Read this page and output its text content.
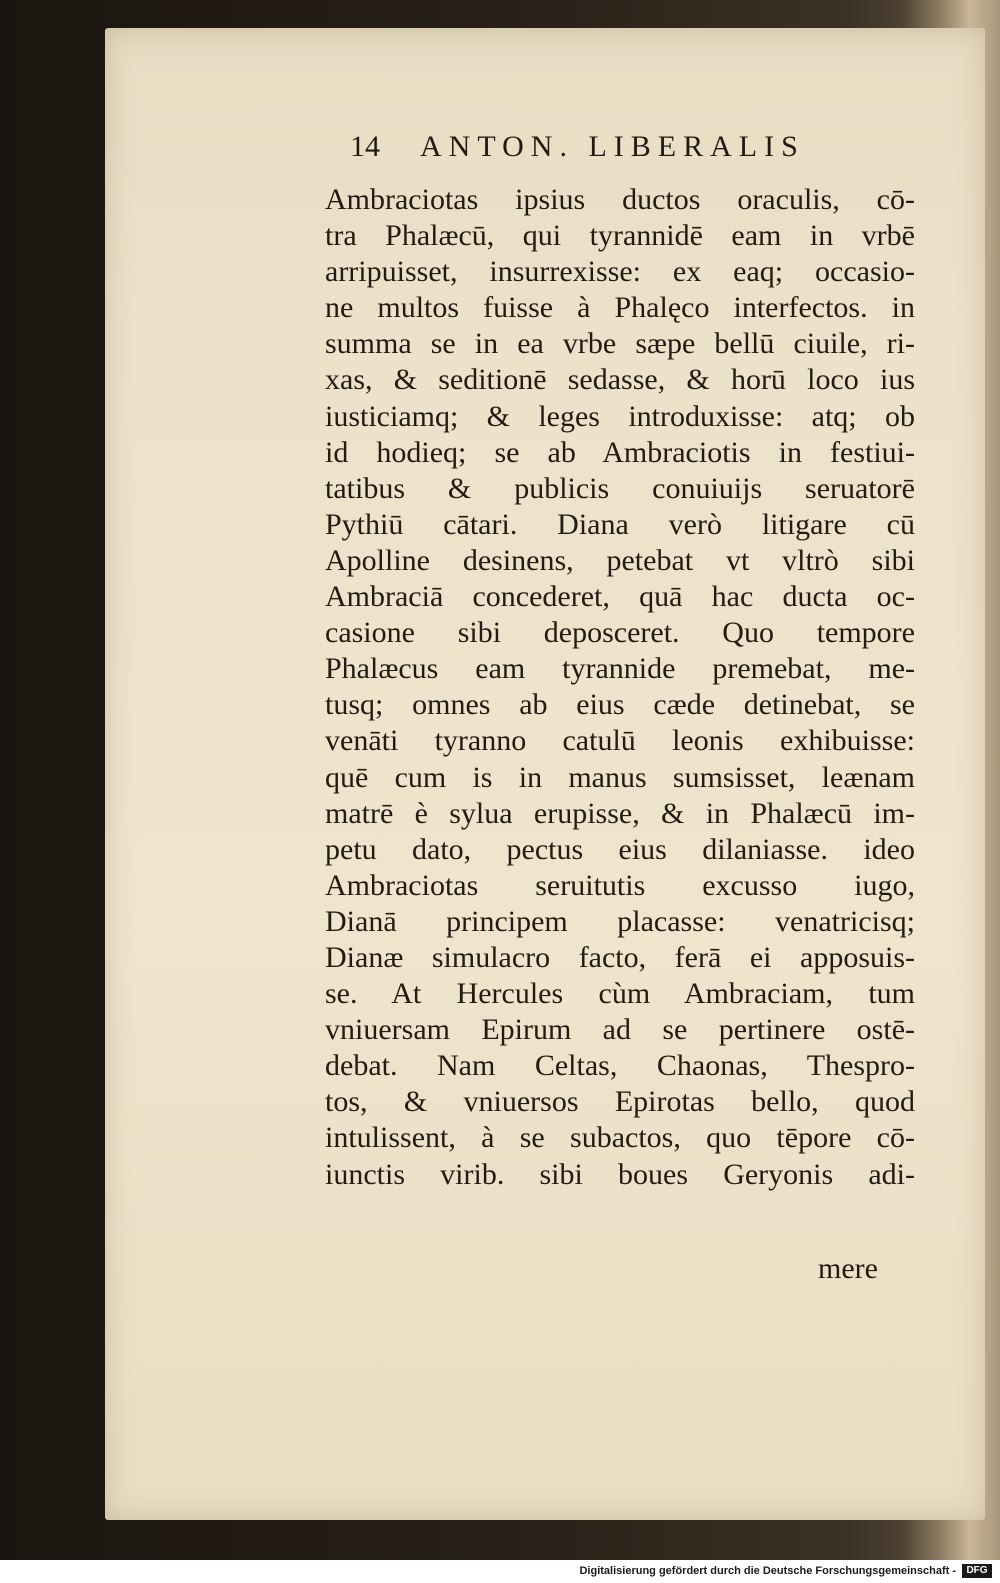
14 ANTON. LIBERALIS
Ambraciotas ipsius ductos oraculis, cō-
tra Phalæcū, qui tyrannidē eam in vrbē
arripuisset, insurrexisse: ex eaq; occasio-
ne multos fuisse à Phalęco interfectos. in
summa se in ea vrbe sæpe bellū ciuile, ri-
xas, & seditionē sedasse, & horū loco ius
iusticiamq; & leges introduxisse: atq; ob
id hodieq; se ab Ambraciotis in festiui-
tatibus & publicis conuiuijs seruatorē
Pythiū cātari. Diana verò litigare cū
Apolline desinens, petebat vt vltrò sibi
Ambraciā concederet, quā hac ducta oc-
casione sibi deposceret. Quo tempore
Phalæcus eam tyrannide premebat, me-
tusq; omnes ab eius cæde detinebat, se
venāti tyranno catulū leonis exhibuisse:
quē cum is in manus sumsisset, leænam
matrē è sylua erupisse, & in Phalæcū im-
petu dato, pectus eius dilaniasse. ideo
Ambraciotas seruitutis excusso iugo,
Dianā principem placasse: venatricisq;
Dianæ simulacro facto, ferā ei apposuis-
se. At Hercules cùm Ambraciam, tum
vniuersam Epirum ad se pertinere ostē-
debat. Nam Celtas, Chaonas, Thespro-
tos, & vniuersos Epirotas bello, quod
intulissent, à se subactos, quo tēpore cō-
iunctis virib. sibi boues Geryonis adi-
mere
Digitalisierung gefördert durch die Deutsche Forschungsgemeinschaft -	DFG
